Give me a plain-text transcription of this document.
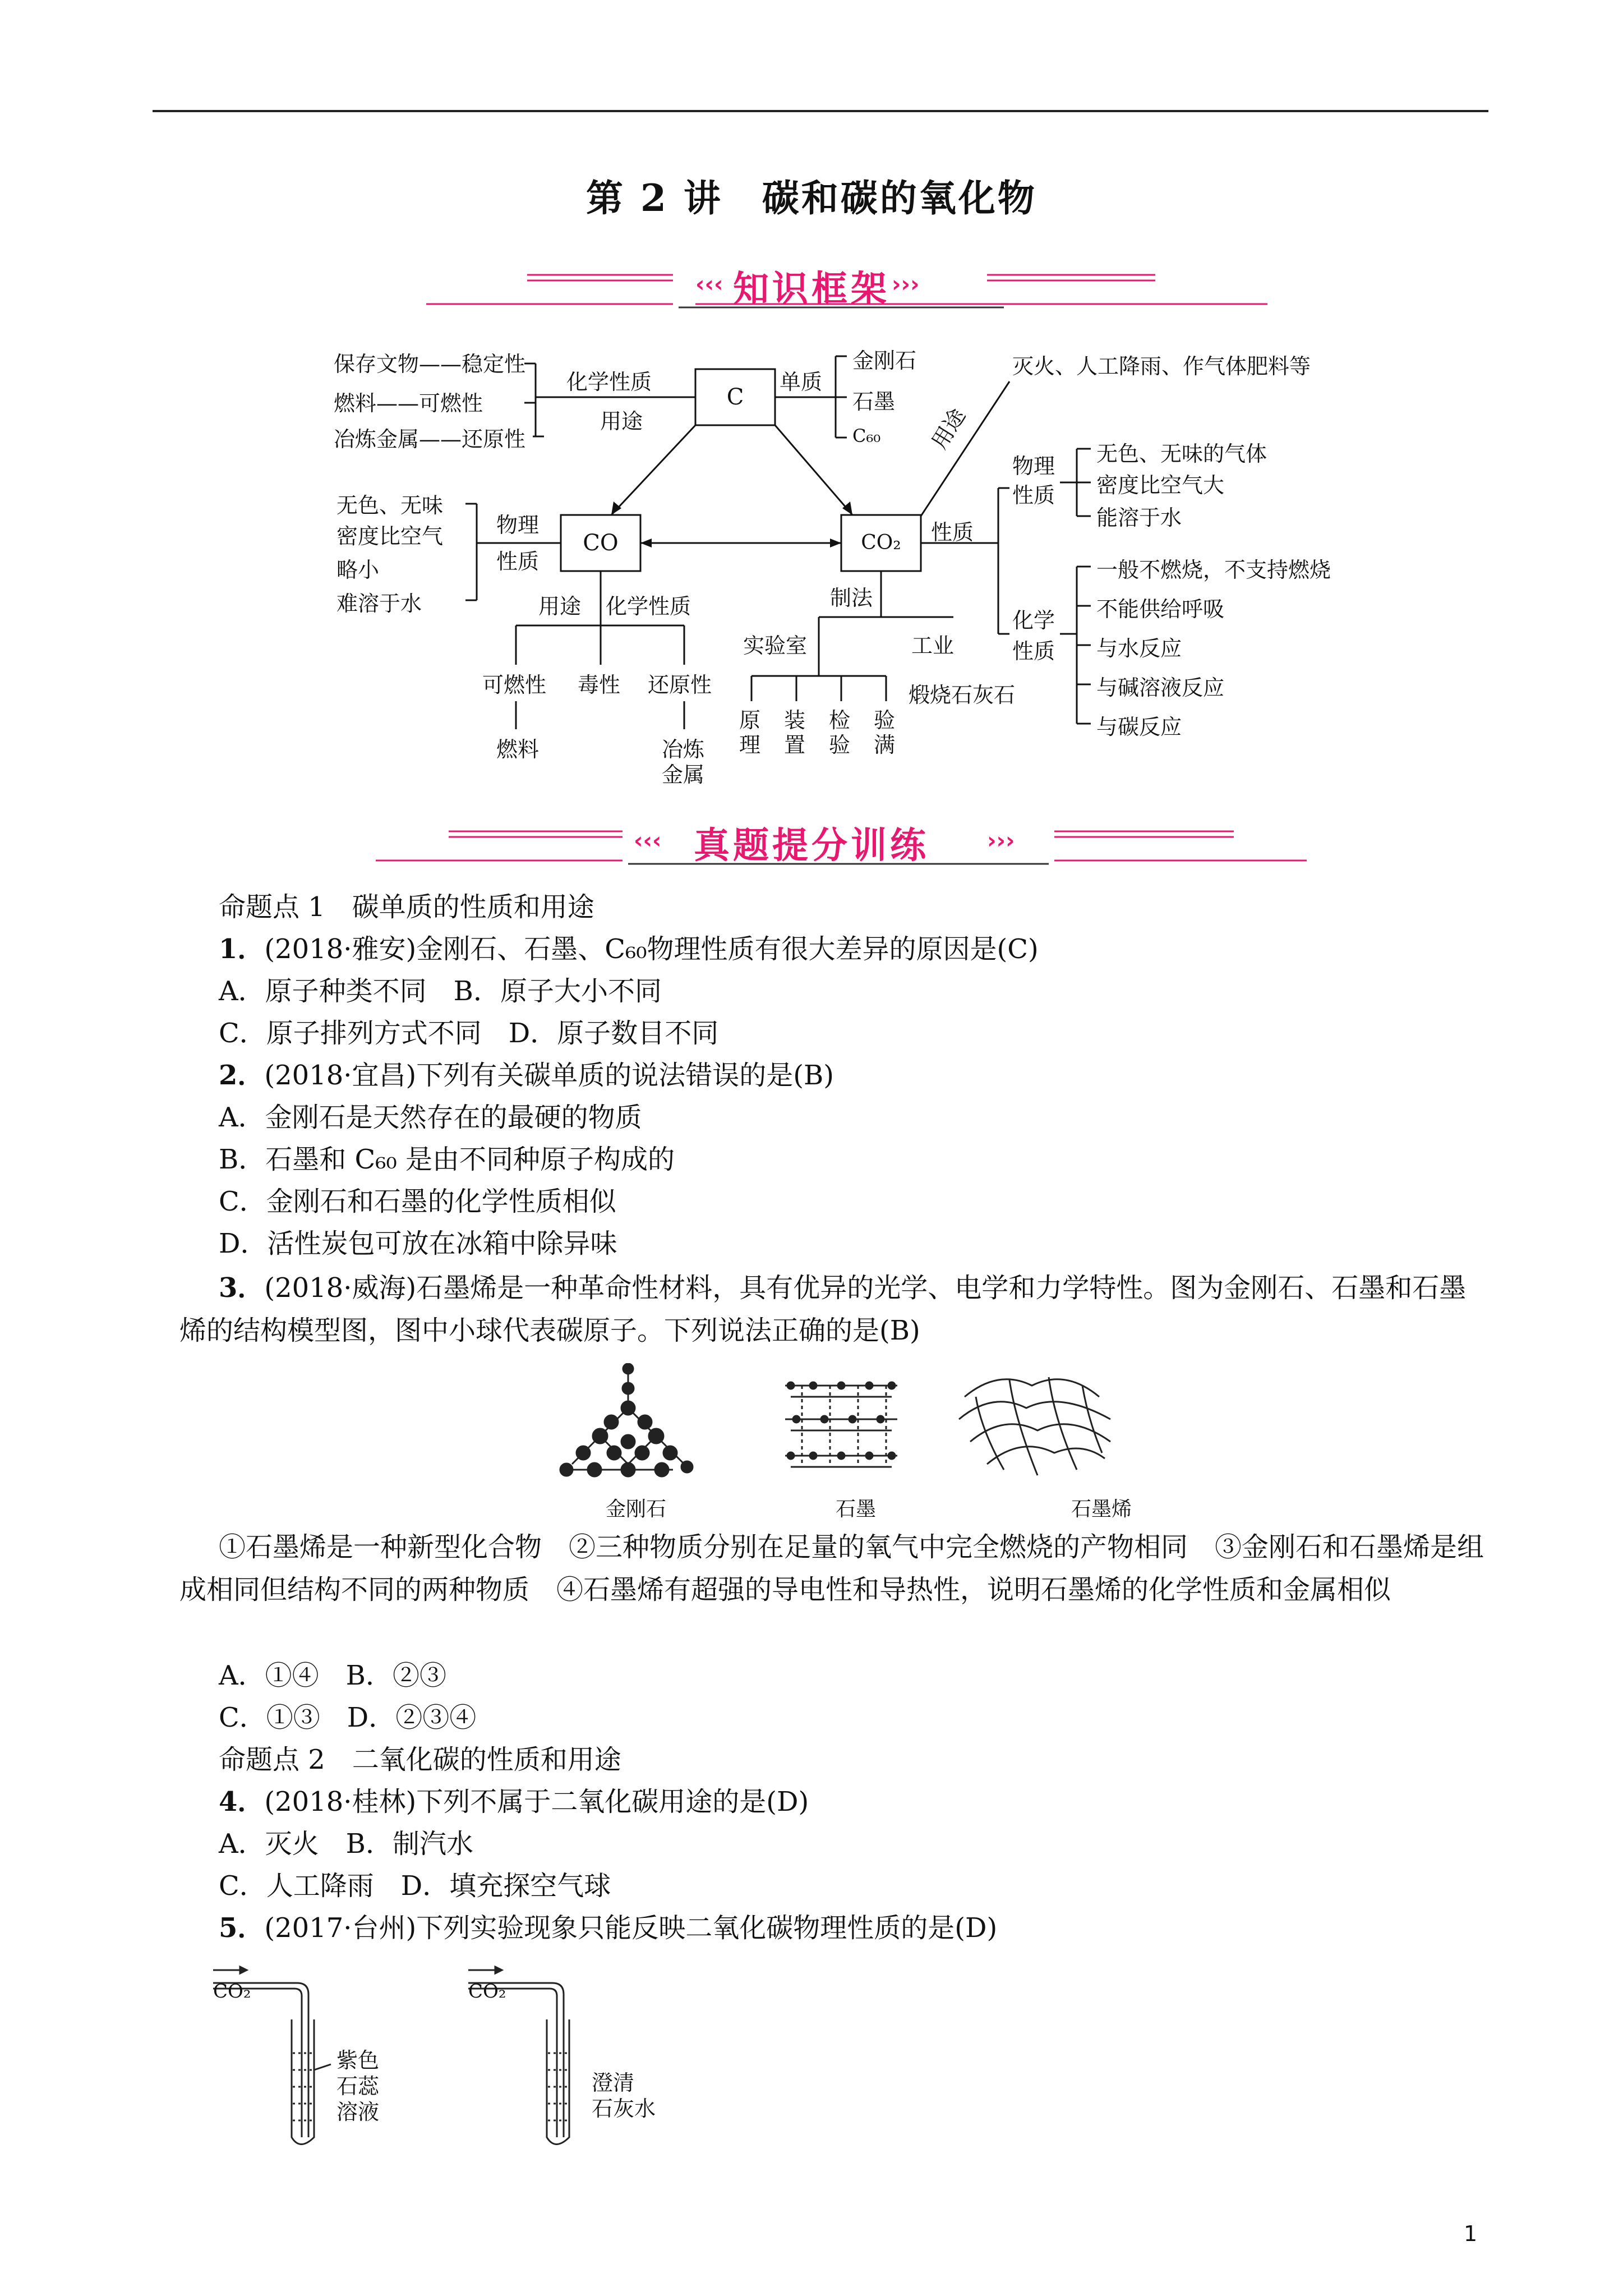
第 2 讲　碳和碳的氧化物
‹‹‹	›››
知识框架
C
CO	CO₂
保存文物——稳定性
燃料——可燃性
冶炼金属——还原性
化学性质
用途
单质
金刚石
石墨
C₆₀
灭火、人工降雨、作气体肥料等
用途
无色、无味
密度比空气
略小
难溶于水
物理
性质
用途 化学性质
可燃性 毒性 还原性
燃料	冶炼
金属
制法
实验室	工业
煅烧石灰石
原理
装置
检验
验满
性质
物理
性质
无色、无味的气体
密度比空气大
能溶于水
化学
性质
一般不燃烧，不支持燃烧
不能供给呼吸
与水反应
与碱溶液反应
与碳反应
‹‹‹	›››
真题提分训练
命题点 1　碳单质的性质和用途
1．(2018·雅安)金刚石、石墨、C₆₀物理性质有很大差异的原因是(C)
A．原子种类不同　B．原子大小不同
C．原子排列方式不同　D．原子数目不同
2．(2018·宜昌)下列有关碳单质的说法错误的是(B)
A．金刚石是天然存在的最硬的物质
B．石墨和 C₆₀ 是由不同种原子构成的
C．金刚石和石墨的化学性质相似
D．活性炭包可放在冰箱中除异味
3．(2018·威海)石墨烯是一种革命性材料，具有优异的光学、电学和力学特性。图为金刚石、石墨和石墨烯的结构模型图，图中小球代表碳原子。下列说法正确的是(B)
金刚石	石墨	石墨烯
①石墨烯是一种新型化合物　②三种物质分别在足量的氧气中完全燃烧的产物相同　③金刚石和石墨烯是组成相同但结构不同的两种物质　④石墨烯有超强的导电性和导热性，说明石墨烯的化学性质和金属相似
A．①④　B．②③
C．①③　D．②③④
命题点 2　二氧化碳的性质和用途
4．(2018·桂林)下列不属于二氧化碳用途的是(D)
A．灭火　B．制汽水
C．人工降雨　D．填充探空气球
5．(2017·台州)下列实验现象只能反映二氧化碳物理性质的是(D)
CO₂	CO₂
紫色
石蕊
溶液
澄清
石灰水
1
